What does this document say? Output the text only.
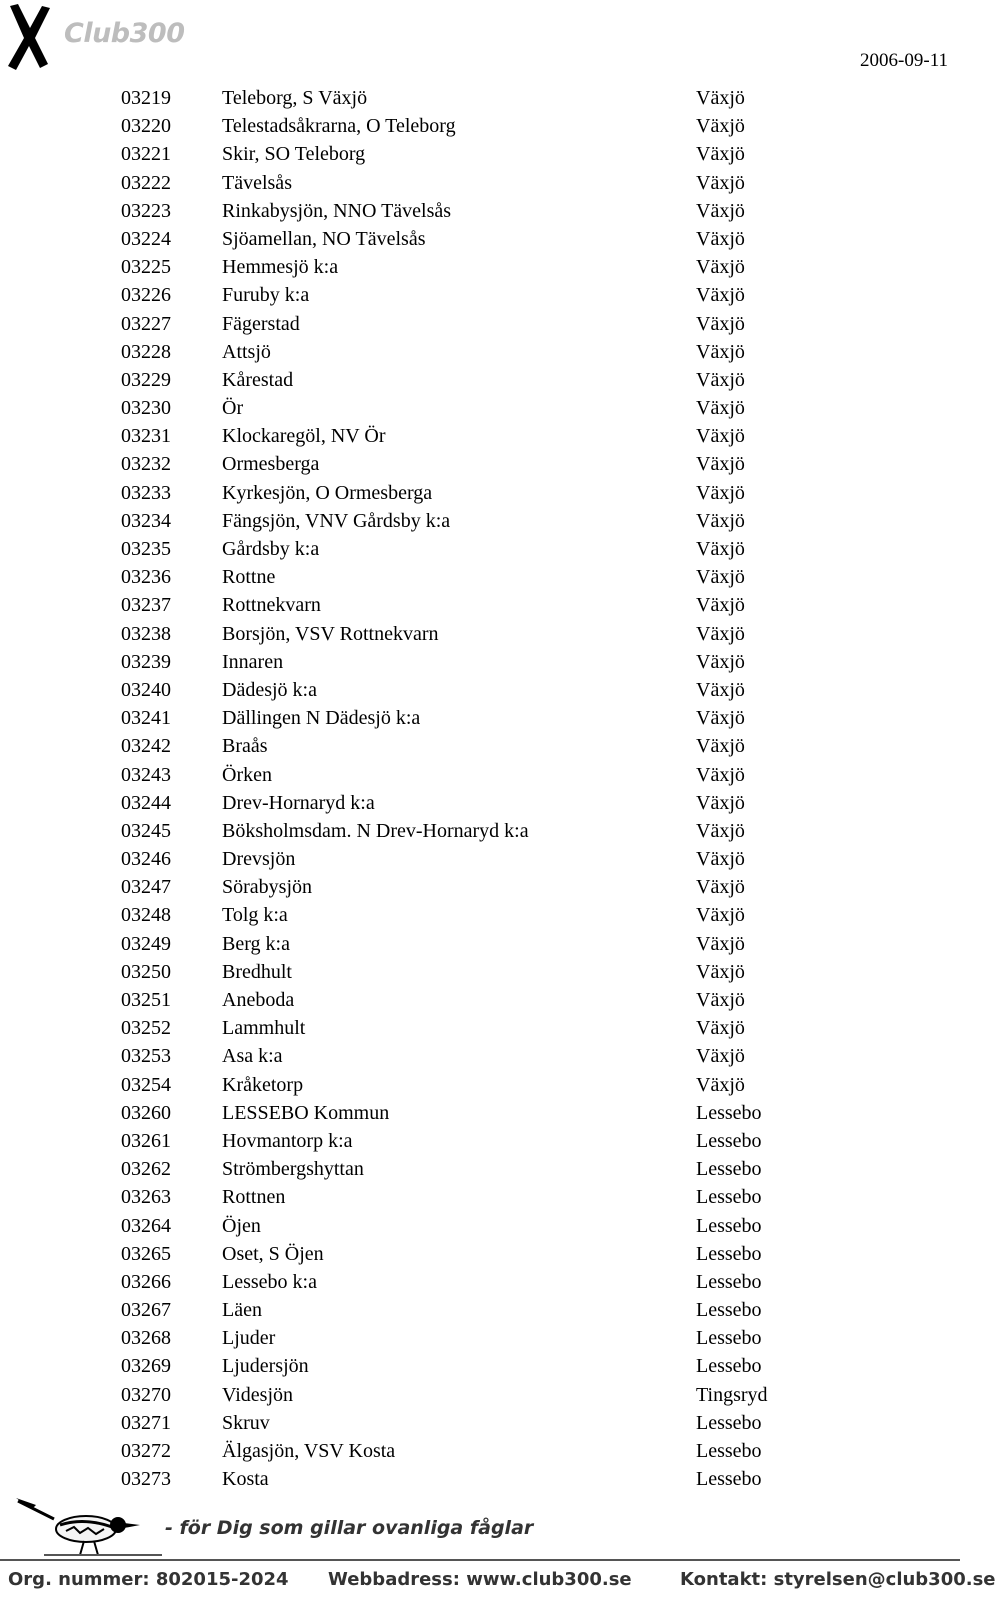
Club300
2006-09-11
03219	Teleborg, S Växjö	Växjö
03220	Telestadsåkrarna, O Teleborg	Växjö
03221	Skir, SO Teleborg	Växjö
03222	Tävelsås	Växjö
03223	Rinkabysjön, NNO Tävelsås	Växjö
03224	Sjöamellan, NO Tävelsås	Växjö
03225	Hemmesjö k:a	Växjö
03226	Furuby k:a	Växjö
03227	Fägerstad	Växjö
03228	Attsjö	Växjö
03229	Kårestad	Växjö
03230	Ör	Växjö
03231	Klockaregöl, NV Ör	Växjö
03232	Ormesberga	Växjö
03233	Kyrkesjön, O Ormesberga	Växjö
03234	Fängsjön, VNV Gårdsby k:a	Växjö
03235	Gårdsby k:a	Växjö
03236	Rottne	Växjö
03237	Rottnekvarn	Växjö
03238	Borsjön, VSV Rottnekvarn	Växjö
03239	Innaren	Växjö
03240	Dädesjö k:a	Växjö
03241	Dällingen N Dädesjö k:a	Växjö
03242	Braås	Växjö
03243	Örken	Växjö
03244	Drev-Hornaryd k:a	Växjö
03245	Böksholmsdam. N Drev-Hornaryd k:a	Växjö
03246	Drevsjön	Växjö
03247	Sörabysjön	Växjö
03248	Tolg k:a	Växjö
03249	Berg k:a	Växjö
03250	Bredhult	Växjö
03251	Aneboda	Växjö
03252	Lammhult	Växjö
03253	Asa k:a	Växjö
03254	Kråketorp	Växjö
03260	LESSEBO Kommun	Lessebo
03261	Hovmantorp k:a	Lessebo
03262	Strömbergshyttan	Lessebo
03263	Rottnen	Lessebo
03264	Öjen	Lessebo
03265	Oset, S Öjen	Lessebo
03266	Lessebo k:a	Lessebo
03267	Läen	Lessebo
03268	Ljuder	Lessebo
03269	Ljudersjön	Lessebo
03270	Videsjön	Tingsryd
03271	Skruv	Lessebo
03272	Älgasjön, VSV Kosta	Lessebo
03273	Kosta	Lessebo
- för Dig som gillar ovanliga fåglar
Org. nummer: 802015-2024 Webbadress: www.club300.se	Kontakt: styrelsen@club300.se
